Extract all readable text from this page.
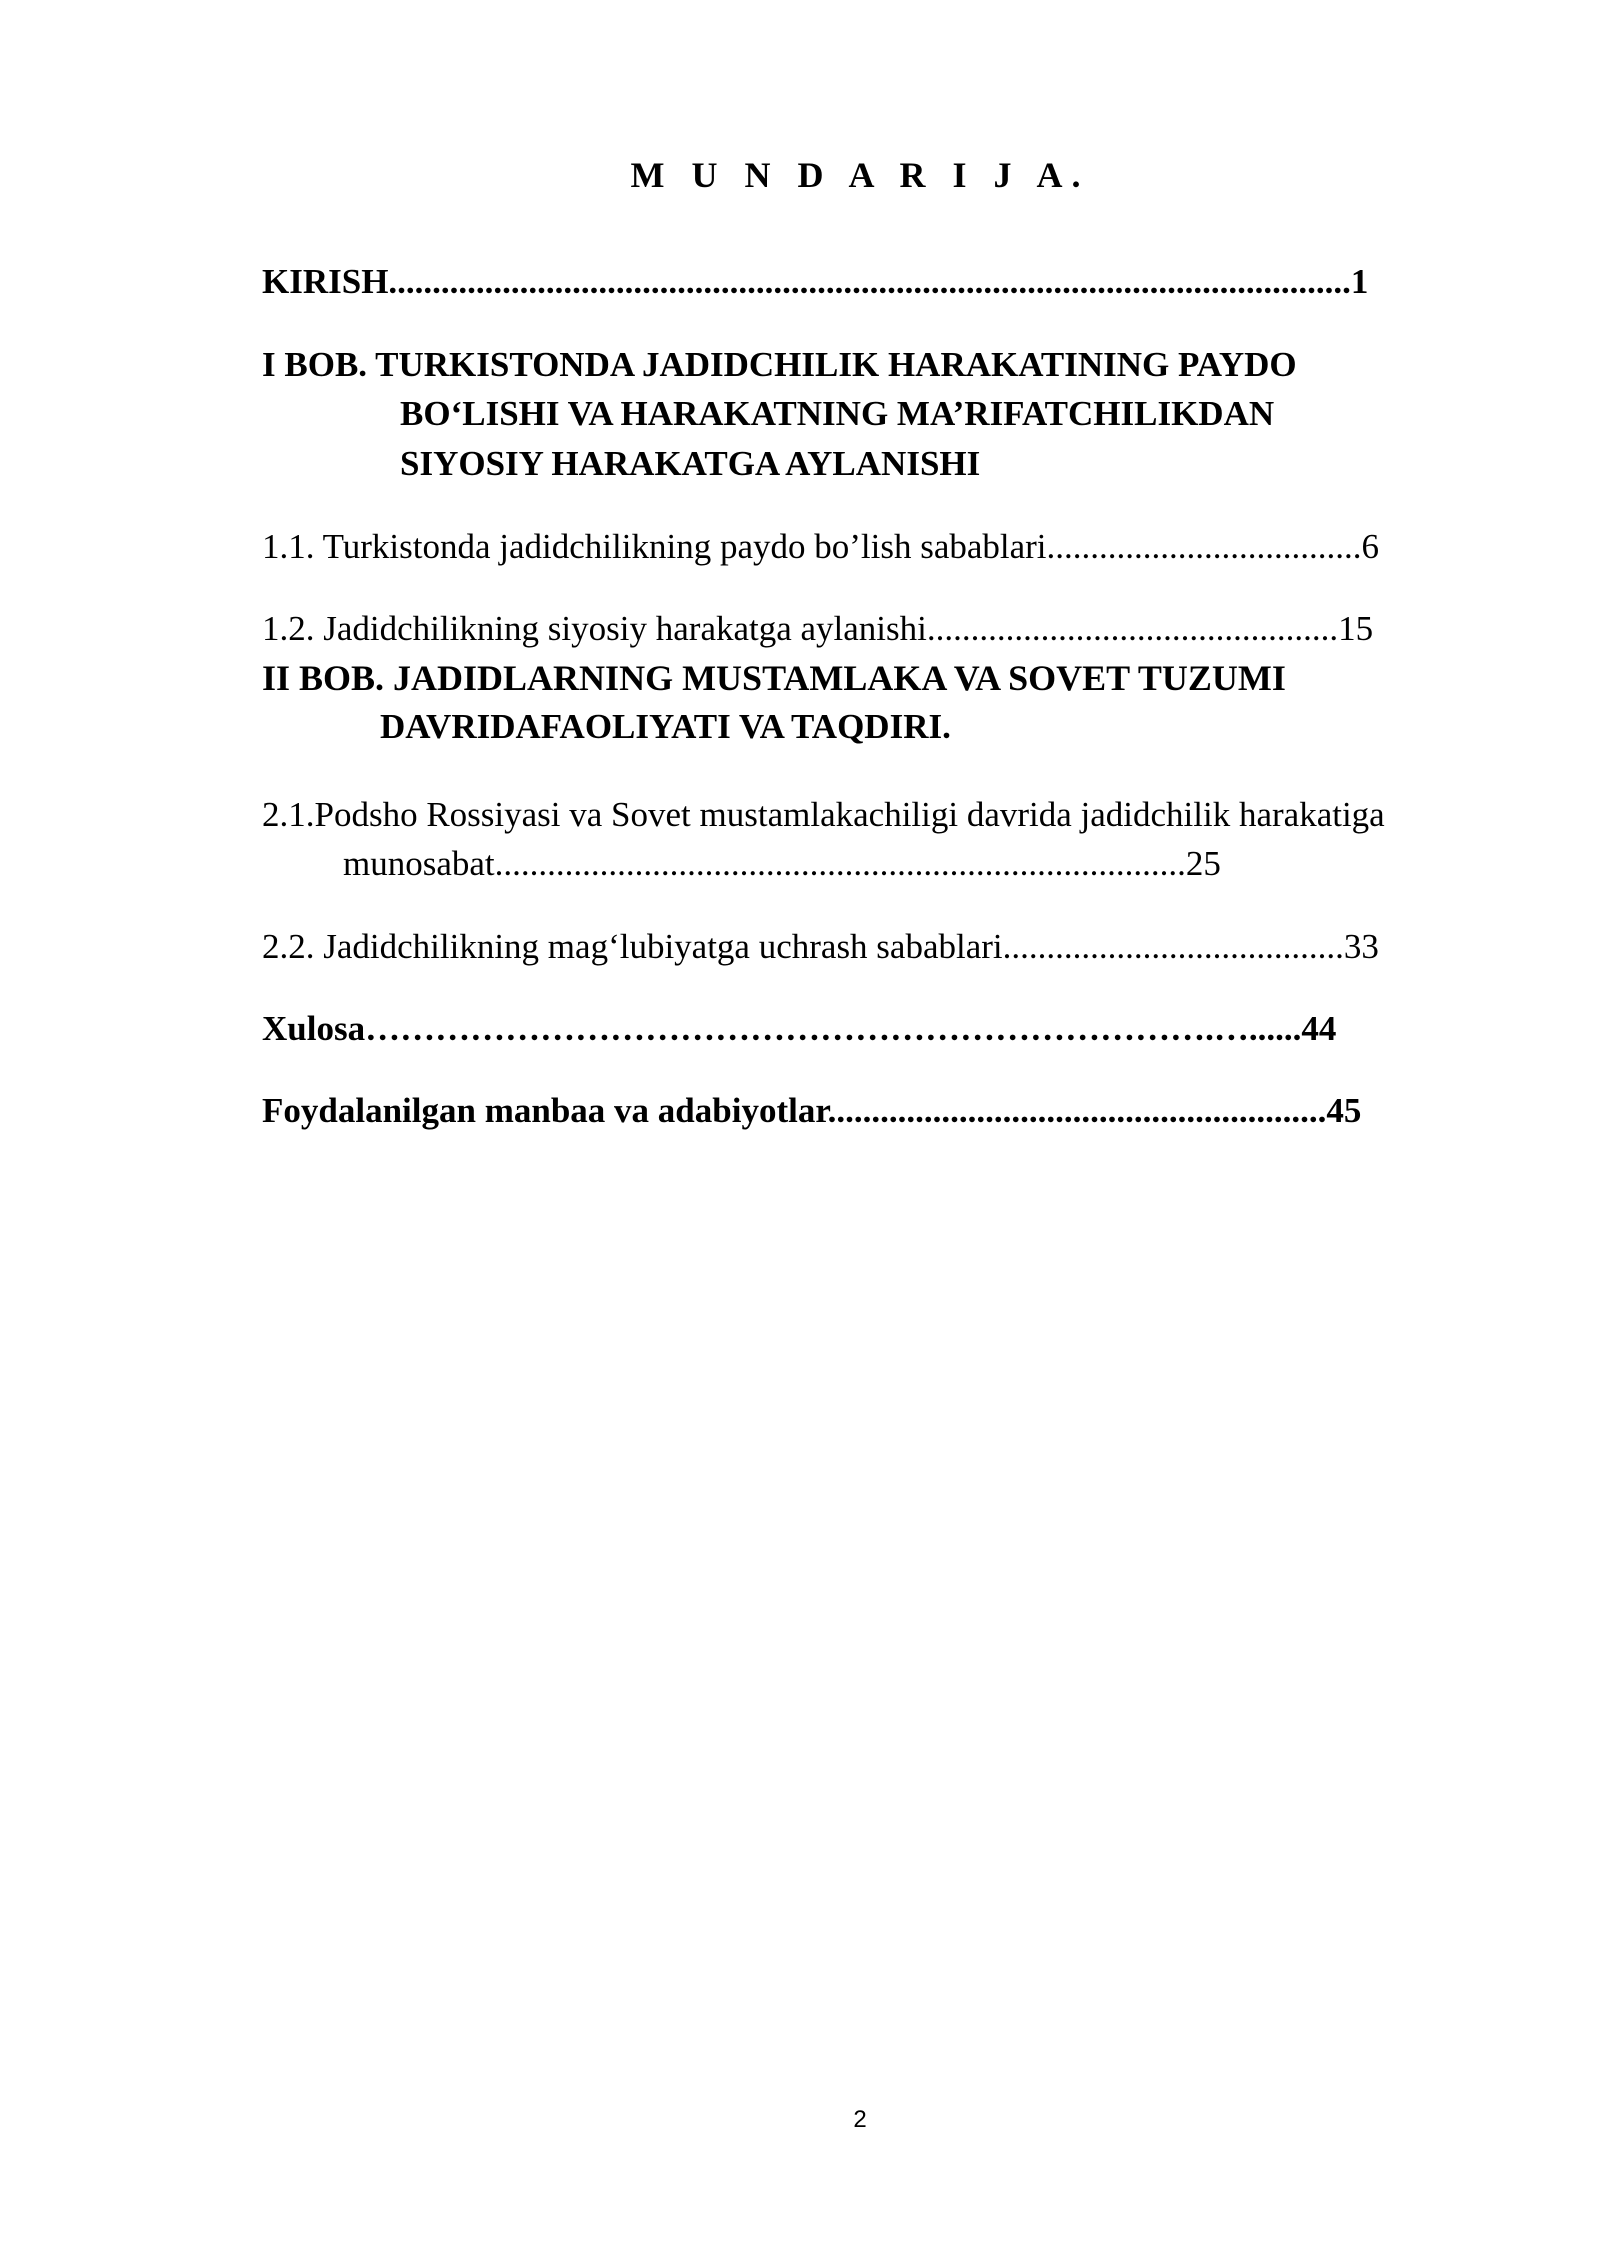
M U N D A R I J A.
KIRISH..............................................................................................................1
I BOB. TURKISTONDA JADIDCHILIK HARAKATINING PAYDO
BO‘LISHI VA HARAKATNING MA’RIFATCHILIKDAN
SIYOSIY HARAKATGA AYLANISHI
1.1. Turkistonda jadidchilikning paydo bo’lish sabablari....................................6
1.2. Jadidchilikning siyosiy harakatga aylanishi...............................................15
II BOB. JADIDLARNING MUSTAMLAKA VA SOVET TUZUMI
DAVRIDAFAOLIYATI VA TAQDIRI.
2.1.Podsho Rossiyasi va Sovet mustamlakachiligi davrida jadidchilik harakatiga
munosabat...............................................................................25
2.2. Jadidchilikning mag‘lubiyatga uchrash sabablari.......................................33
Xulosa……………………………………………………………….…......44
Foydalanilgan manbaa va adabiyotlar.........................................................45
2
